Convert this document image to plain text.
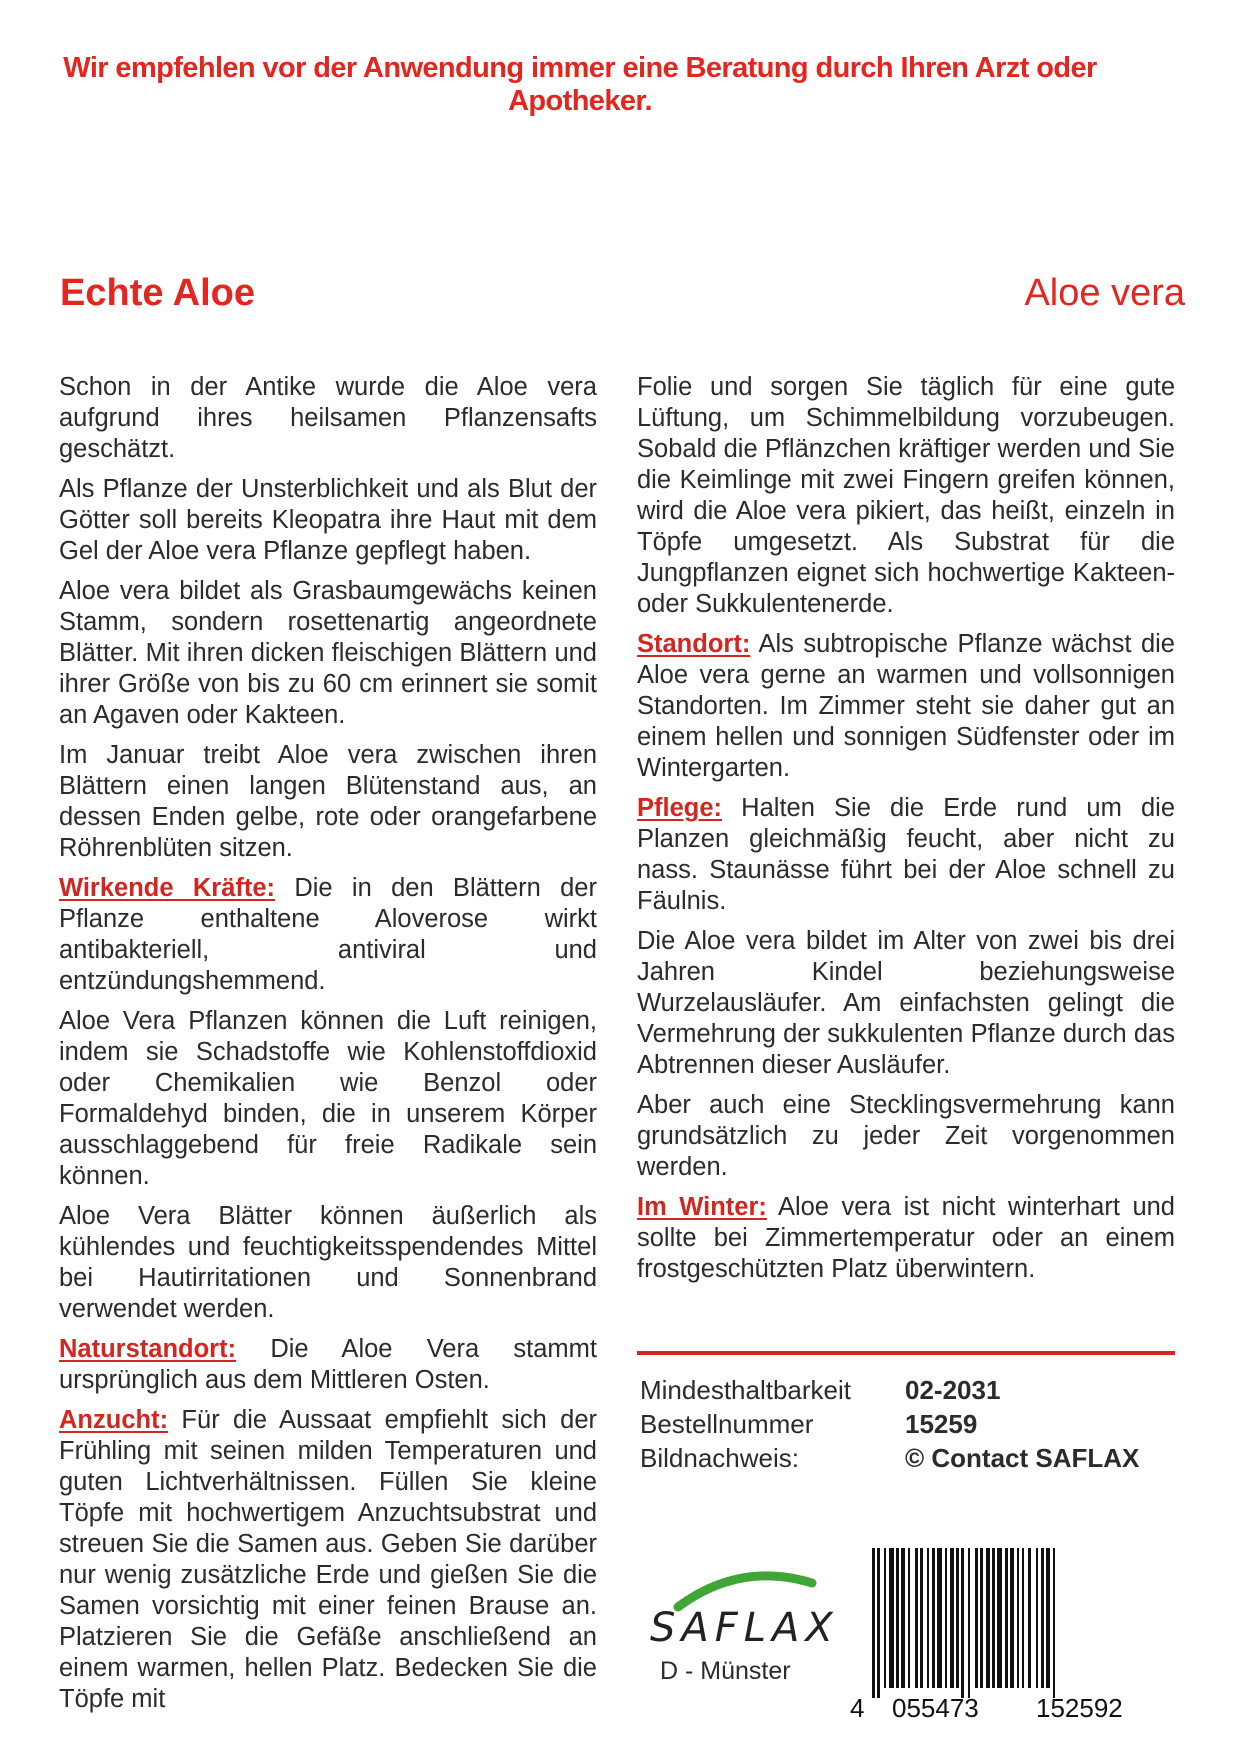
Wir empfehlen vor der Anwendung immer eine Beratung durch Ihren Arzt oder Apotheker.
Echte Aloe	Aloe vera

Schon in der Antike wurde die Aloe vera aufgrund ihres heilsamen Pflanzensafts geschätzt.

Als Pflanze der Unsterblichkeit und als Blut der Götter soll bereits Kleopatra ihre Haut mit dem Gel der Aloe vera Pflanze gepflegt haben.

Aloe vera bildet als Grasbaumgewächs keinen Stamm, sondern rosettenartig angeordnete Blätter. Mit ihren dicken fleischigen Blättern und ihrer Größe von bis zu 60 cm erinnert sie somit an Agaven oder Kakteen.

Im Januar treibt Aloe vera zwischen ihren Blättern einen langen Blütenstand aus, an dessen Enden gelbe, rote oder orangefarbene Röhrenblüten sitzen.

Wirkende Kräfte: Die in den Blättern der Pflanze enthaltene Aloverose wirkt antibakteriell, antiviral und entzündungshemmend.

Aloe Vera Pflanzen können die Luft reinigen, indem sie Schadstoffe wie Kohlenstoffdioxid oder Chemikalien wie Benzol oder Formaldehyd binden, die in unserem Körper ausschlaggebend für freie Radikale sein können.

Aloe Vera Blätter können äußerlich als kühlendes und feuchtigkeitsspendendes Mittel bei Hautirritationen und Sonnenbrand verwendet werden.

Naturstandort: Die Aloe Vera stammt ursprünglich aus dem Mittleren Osten.

Anzucht: Für die Aussaat empfiehlt sich der Frühling mit seinen milden Temperaturen und guten Lichtverhältnissen. Füllen Sie kleine Töpfe mit hochwertigem Anzuchtsubstrat und streuen Sie die Samen aus. Geben Sie darüber nur wenig zusätzliche Erde und gießen Sie die Samen vorsichtig mit einer feinen Brause an. Platzieren Sie die Gefäße anschließend an einem warmen, hellen Platz. Bedecken Sie die Töpfe mit

Folie und sorgen Sie täglich für eine gute Lüftung, um Schimmelbildung vorzubeugen. Sobald die Pflänzchen kräftiger werden und Sie die Keimlinge mit zwei Fingern greifen können, wird die Aloe vera pikiert, das heißt, einzeln in Töpfe umgesetzt. Als Substrat für die Jungpflanzen eignet sich hochwertige Kakteen- oder Sukkulentenerde.

Standort: Als subtropische Pflanze wächst die Aloe vera gerne an warmen und vollsonnigen Standorten. Im Zimmer steht sie daher gut an einem hellen und sonnigen Südfenster oder im Wintergarten.

Pflege: Halten Sie die Erde rund um die Planzen gleichmäßig feucht, aber nicht zu nass. Staunässe führt bei der Aloe schnell zu Fäulnis.

Die Aloe vera bildet im Alter von zwei bis drei Jahren Kindel beziehungsweise Wurzelausläufer. Am einfachsten gelingt die Vermehrung der sukkulenten Pflanze durch das Abtrennen dieser Ausläufer.

Aber auch eine Stecklingsvermehrung kann grundsätzlich zu jeder Zeit vorgenommen werden.

Im Winter: Aloe vera ist nicht winterhart und sollte bei Zimmertemperatur oder an einem frostgeschützten Platz überwintern.

Mindesthaltbarkeit	02-2031
Bestellnummer	15259
Bildnachweis:	© Contact SAFLAX
SAFLAX
D - Münster
4 055473 152592
